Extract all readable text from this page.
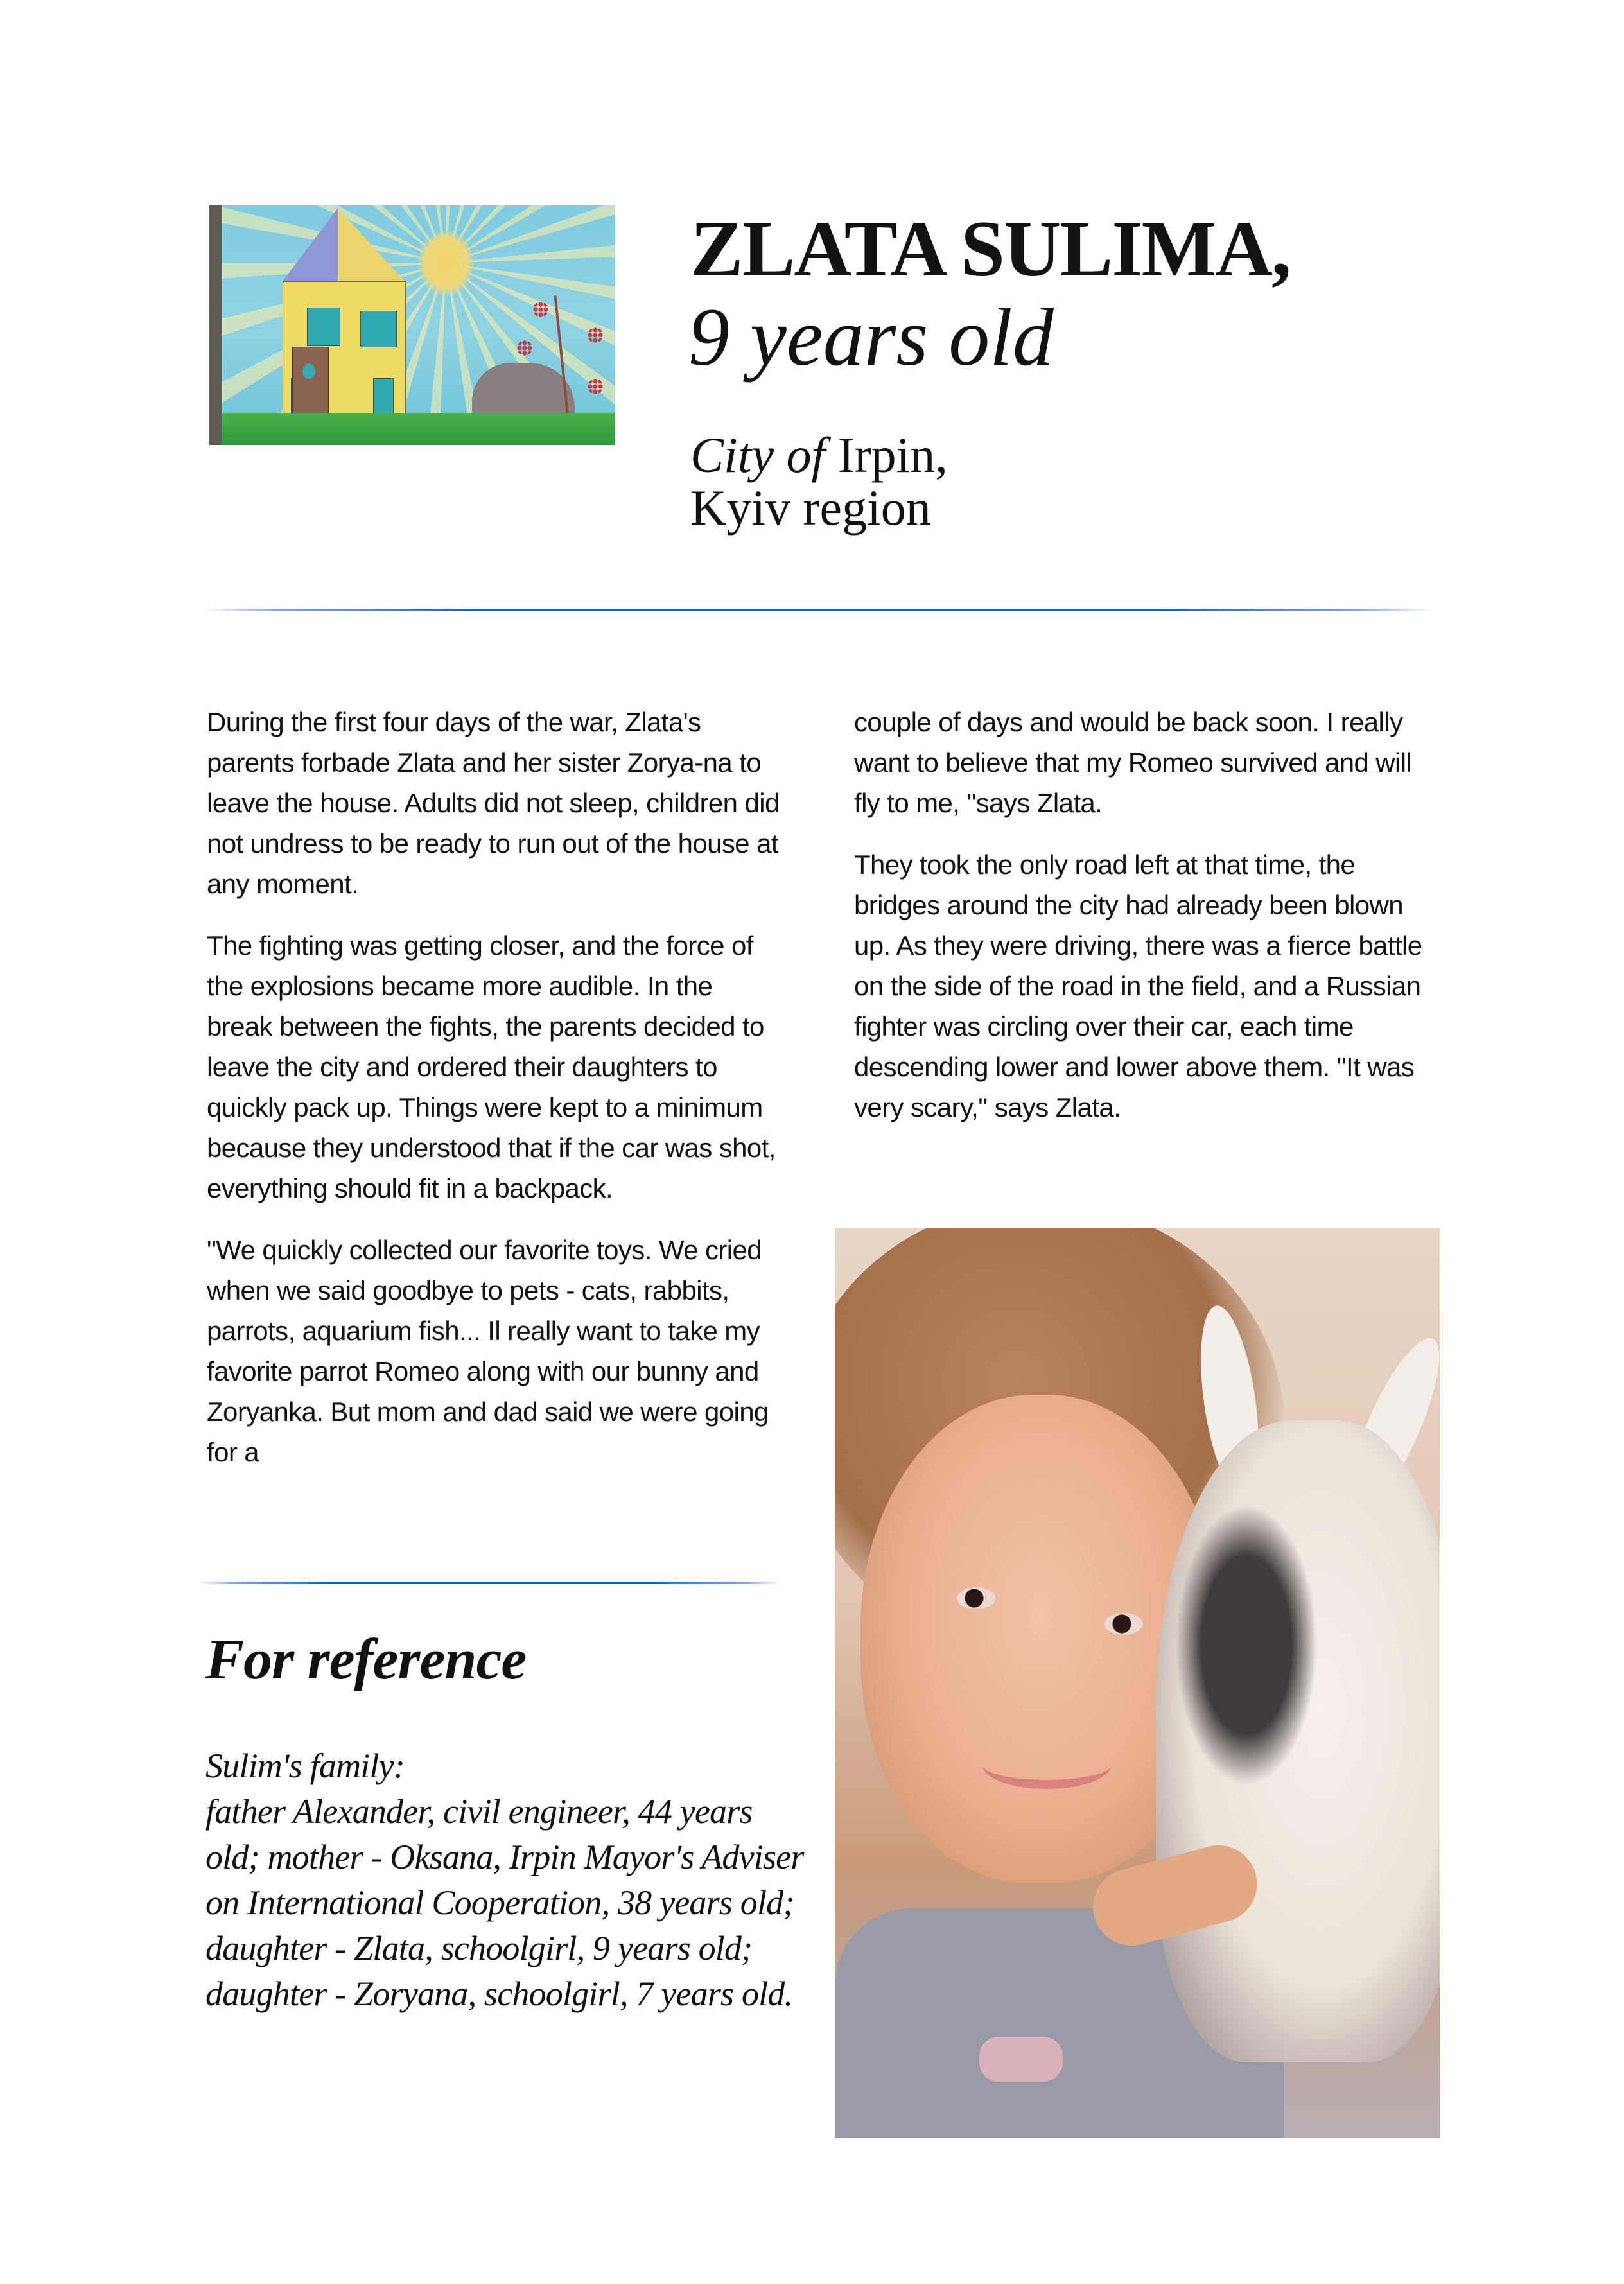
ZLATA SULIMA,
9 years old
City of Irpin,
Kyiv region

During the first four days of the war, Zlata's parents forbade Zlata and her sister Zorya-na to leave the house. Adults did not sleep, children did not undress to be ready to run out of the house at any moment.

The fighting was getting closer, and the force of the explosions became more audible. In the break between the fights, the parents decided to leave the city and ordered their daughters to quickly pack up. Things were kept to a minimum because they understood that if the car was shot, everything should fit in a backpack.

"We quickly collected our favorite toys. We cried when we said goodbye to pets - cats, rabbits, parrots, aquarium fish... Il really want to take my favorite parrot Romeo along with our bunny and Zoryanka. But mom and dad said we were going for a

couple of days and would be back soon. I really want to believe that my Romeo survived and will fly to me, "says Zlata.

They took the only road left at that time, the bridges around the city had already been blown up. As they were driving, there was a fierce battle on the side of the road in the field, and a Russian fighter was circling over their car, each time descending lower and lower above them. "It was very scary," says Zlata.

For reference
Sulim's family:
father Alexander, civil engineer, 44 years
old; mother - Oksana, Irpin Mayor's Adviser
on International Cooperation, 38 years old;
daughter - Zlata, schoolgirl, 9 years old;
daughter - Zoryana, schoolgirl, 7 years old.
